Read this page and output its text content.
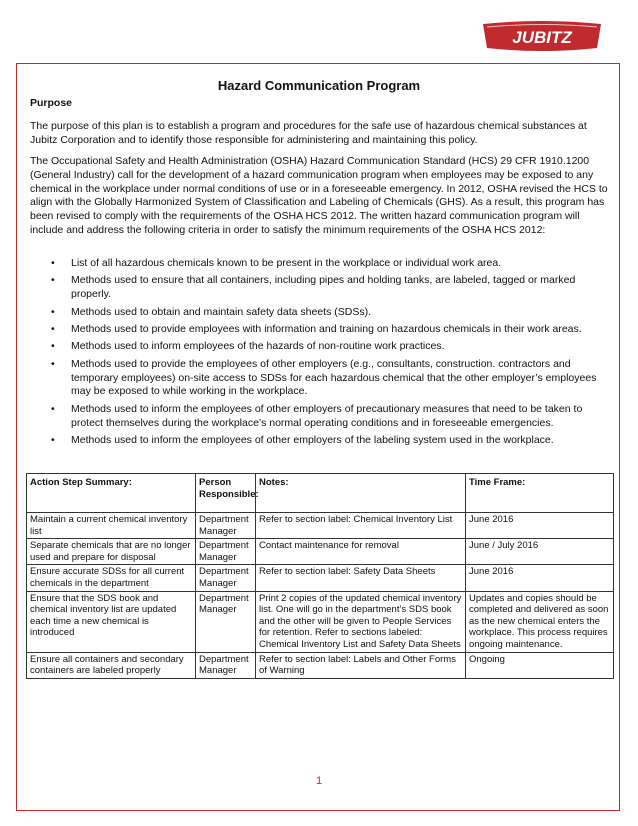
JUBITZ
Hazard Communication Program
Purpose

The purpose of this plan is to establish a program and procedures for the safe use of hazardous chemical substances at Jubitz Corporation and to identify those responsible for administering and maintaining this policy.

The Occupational Safety and Health Administration (OSHA) Hazard Communication Standard (HCS) 29 CFR 1910.1200 (General Industry) call for the development of a hazard communication program when employees may be exposed to any chemical in the workplace under normal conditions of use or in a foreseeable emergency. In 2012, OSHA revised the HCS to align with the Globally Harmonized System of Classification and Labeling of Chemicals (GHS). As a result, this program has been revised to comply with the requirements of the OSHA HCS 2012. The written hazard communication program will include and address the following criteria in order to satisfy the minimum requirements of the OSHA HCS 2012:

• List of all hazardous chemicals known to be present in the workplace or individual work area.
• Methods used to ensure that all containers, including pipes and holding tanks, are labeled, tagged or marked properly.
• Methods used to obtain and maintain safety data sheets (SDSs).
• Methods used to provide employees with information and training on hazardous chemicals in their work areas.
• Methods used to inform employees of the hazards of non-routine work practices.
• Methods used to provide the employees of other employers (e.g., consultants, construction. contractors and temporary employees) on-site access to SDSs for each hazardous chemical that the other employer’s employees may be exposed to while working in the workplace.
• Methods used to inform the employees of other employers of precautionary measures that need to be taken to protect themselves during the workplace’s normal operating conditions and in foreseeable emergencies.
• Methods used to inform the employees of other employers of the labeling system used in the workplace.
Action Step Summary:	Person Responsible:	Notes:	Time Frame:
Maintain a current chemical inventory list	Department Manager	Refer to section label: Chemical Inventory List	June 2016
Separate chemicals that are no longer used and prepare for disposal	Department Manager	Contact maintenance for removal	June / July 2016
Ensure accurate SDSs for all current chemicals in the department	Department Manager	Refer to section label: Safety Data Sheets	June 2016
Ensure that the SDS book and chemical inventory list are updated each time a new chemical is introduced	Department Manager	Print 2 copies of the updated chemical inventory list. One will go in the department’s SDS book and the other will be given to People Services for retention. Refer to sections labeled: Chemical Inventory List and Safety Data Sheets	Updates and copies should be completed and delivered as soon as the new chemical enters the workplace. This process requires ongoing maintenance.
Ensure all containers and secondary containers are labeled properly	Department Manager	Refer to section label: Labels and Other Forms of Warning	Ongoing
1
